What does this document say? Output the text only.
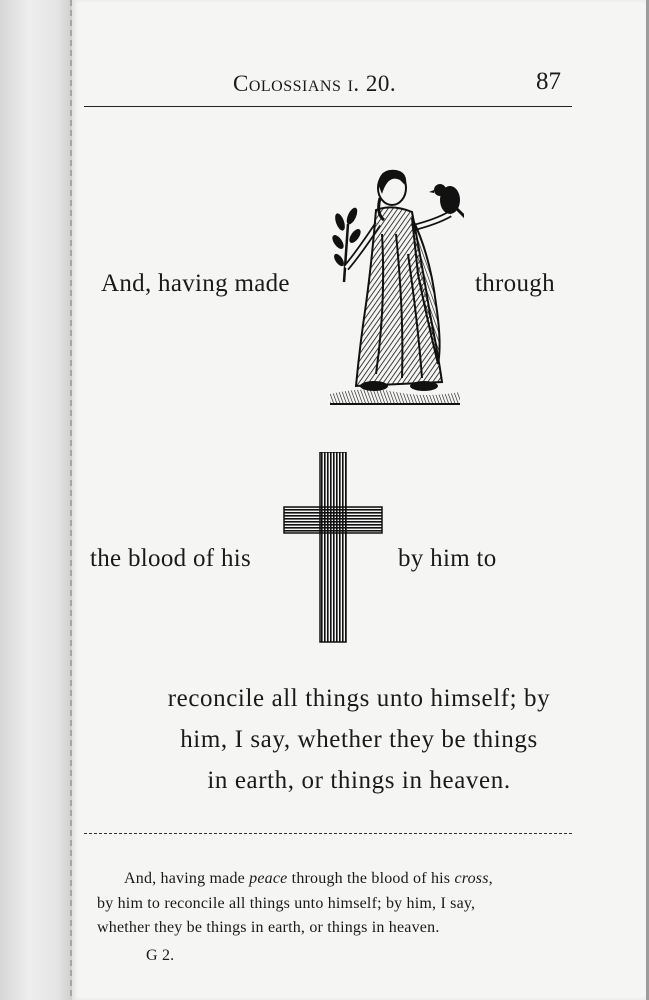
Colossians i. 20.	87
And, having made	through
the blood of his	by him to
reconcile all things unto himself; by
him, I say, whether they be things
in earth, or things in heaven.
And, having made peace through the blood of his cross,
by him to reconcile all things unto himself; by him, I say,
whether they be things in earth, or things in heaven.
G 2.
